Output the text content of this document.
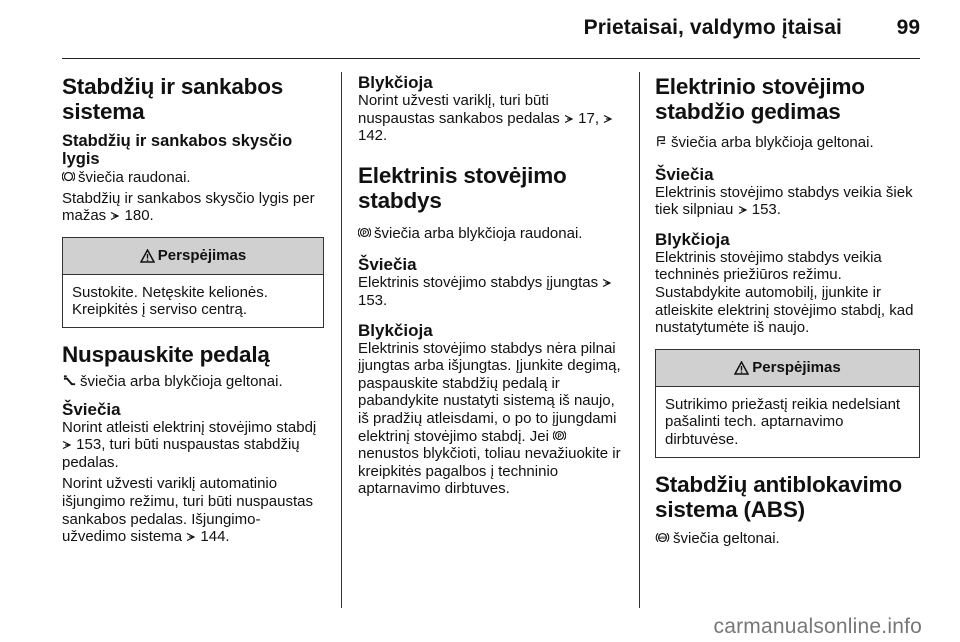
Prietaisai, valdymo įtaisai	99
Stabdžių ir sankabos sistema
Stabdžių ir sankabos skysčio lygis

šviečia raudonai.

Stabdžių ir sankabos skysčio lygis per mažas 180.

Perspėjimas

Sustokite. Netęskite kelionės. Kreipkitės į serviso centrą.

Nuspauskite pedalą

šviečia arba blykčioja geltonai.

Šviečia

Norint atleisti elektrinį stovėjimo stabdį  153, turi būti nuspaustas stabdžių pedalas.

Norint užvesti variklį automatinio išjungimo režimu, turi būti nuspaustas sankabos pedalas. Išjungimo-užvedimo sistema 144.

Blykčioja

Norint užvesti variklį, turi būti nuspaustas sankabos pedalas 17,  142.

Elektrinis stovėjimo stabdys

P šviečia arba blykčioja raudonai.

Šviečia

Elektrinis stovėjimo stabdys įjungtas  153.

Blykčioja

Elektrinis stovėjimo stabdys nėra pilnai įjungtas arba išjungtas. Įjunkite degimą, paspauskite stabdžių pedalą ir pabandykite nustatyti sistemą iš naujo, iš pradžių atleisdami, o po to įjungdami elektrinį stovėjimo stabdį. Jei P
nenustos blykčioti, toliau nevažiuokite ir kreipkitės pagalbos į techninio aptarnavimo dirbtuves.

Elektrinio stovėjimo stabdžio gedimas

šviečia arba blykčioja geltonai.

Šviečia

Elektrinis stovėjimo stabdys veikia šiek tiek silpniau 153.

Blykčioja

Elektrinis stovėjimo stabdys veikia techninės priežiūros režimu. Sustabdykite automobilį, įjunkite ir atleiskite elektrinį stovėjimo stabdį, kad nustatytumėte iš naujo.

Perspėjimas

Sutrikimo priežastį reikia nedelsiant pašalinti tech. aptarnavimo dirbtuvėse.

Stabdžių antiblokavimo sistema (ABS)

ABS šviečia geltonai.

carmanualsonline.info
